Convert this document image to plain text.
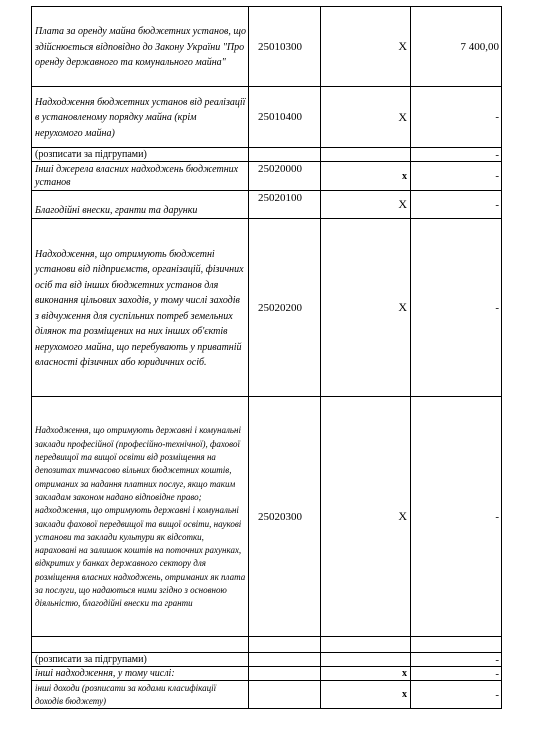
Плата за оренду майна бюджетних установ, що здійснюється відповідно до Закону України "Про оренду державного та комунального майна"	25010300	X	7 400,00
Надходження бюджетних установ від реалізації в установленому порядку майна (крім нерухомого майна)	25010400	X	-
(розписати за підгрупами)			-
Інші джерела власних надходжень бюджетних установ	25020000	x	-
Благодійні внески, гранти та дарунки	25020100	X	-
Надходження, що отримують бюджетні установи від підприємств, організацій, фізичних осіб та від інших бюджетних установ для виконання цільових заходів, у тому числі заходів з відчуження для суспільних потреб земельних ділянок та розміщених на них інших об'єктів нерухомого майна, що перебувають у приватній власності фізичних або юридичних осіб.	25020200	X	-
Надходження, що отримують державні і комунальні заклади професійної (професійно-технічної), фахової передвищої та вищої освіти від розміщення на депозитах тимчасово вільних бюджетних коштів, отриманих за надання платних послуг, якщо таким закладам законом надано відповідне право; надходження, що отримують державні і комунальні заклади фахової передвищої та вищої освіти, наукові установи та заклади культури як відсотки, нараховані на залишок коштів на поточних рахунках, відкритих у банках державного сектору для розміщення власних надходжень, отриманих як плата за послуги, що надаються ними згідно з основною діяльністю, благодійні внески та гранти	25020300	X	-

(розписати за підгрупами)			-
інші надходження, у тому числі:		x	-
інші доходи (розписати за кодами класифікації доходів бюджету)		x	-
